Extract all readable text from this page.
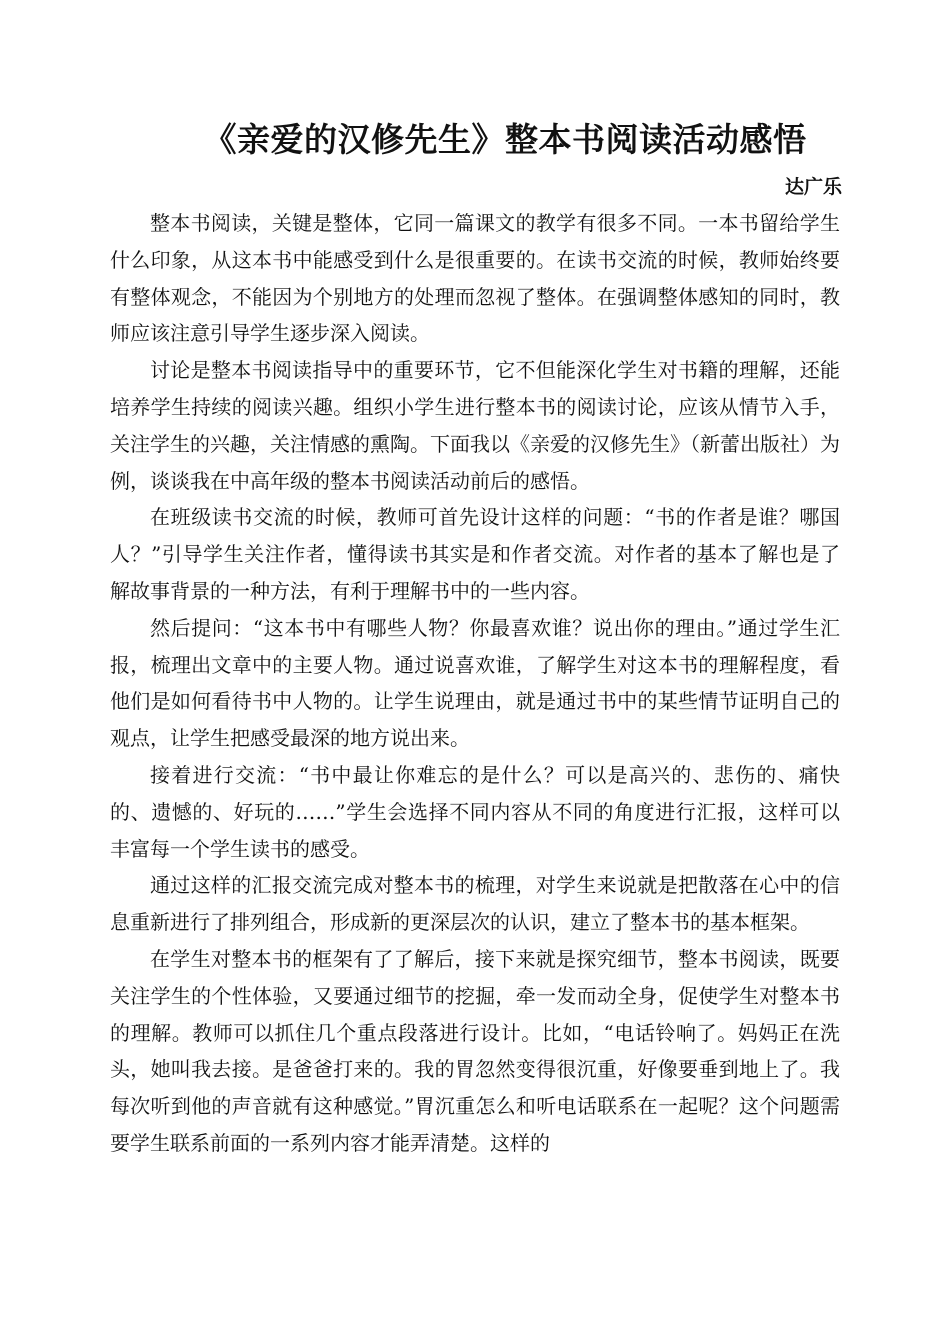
《亲爱的汉修先生》整本书阅读活动感悟
达广乐

整本书阅读，关键是整体，它同一篇课文的教学有很多不同。一本书留给学生什么印象，从这本书中能感受到什么是很重要的。在读书交流的时候，教师始终要有整体观念，不能因为个别地方的处理而忽视了整体。在强调整体感知的同时，教师应该注意引导学生逐步深入阅读。

讨论是整本书阅读指导中的重要环节，它不但能深化学生对书籍的理解，还能培养学生持续的阅读兴趣。组织小学生进行整本书的阅读讨论，应该从情节入手，关注学生的兴趣，关注情感的熏陶。下面我以《亲爱的汉修先生》（新蕾出版社）为例，谈谈我在中高年级的整本书阅读活动前后的感悟。

在班级读书交流的时候，教师可首先设计这样的问题：“书的作者是谁？哪国人？”引导学生关注作者，懂得读书其实是和作者交流。对作者的基本了解也是了解故事背景的一种方法，有利于理解书中的一些内容。

然后提问：“这本书中有哪些人物？你最喜欢谁？说出你的理由。”通过学生汇报，梳理出文章中的主要人物。通过说喜欢谁，了解学生对这本书的理解程度，看他们是如何看待书中人物的。让学生说理由，就是通过书中的某些情节证明自己的观点，让学生把感受最深的地方说出来。

接着进行交流：“书中最让你难忘的是什么？可以是高兴的、悲伤的、痛快的、遗憾的、好玩的……”学生会选择不同内容从不同的角度进行汇报，这样可以丰富每一个学生读书的感受。

通过这样的汇报交流完成对整本书的梳理，对学生来说就是把散落在心中的信息重新进行了排列组合，形成新的更深层次的认识，建立了整本书的基本框架。

在学生对整本书的框架有了了解后，接下来就是探究细节，整本书阅读，既要关注学生的个性体验，又要通过细节的挖掘，牵一发而动全身，促使学生对整本书的理解。教师可以抓住几个重点段落进行设计。比如，“电话铃响了。妈妈正在洗头，她叫我去接。是爸爸打来的。我的胃忽然变得很沉重，好像要垂到地上了。我每次听到他的声音就有这种感觉。”胃沉重怎么和听电话联系在一起呢？这个问题需要学生联系前面的一系列内容才能弄清楚。这样的
